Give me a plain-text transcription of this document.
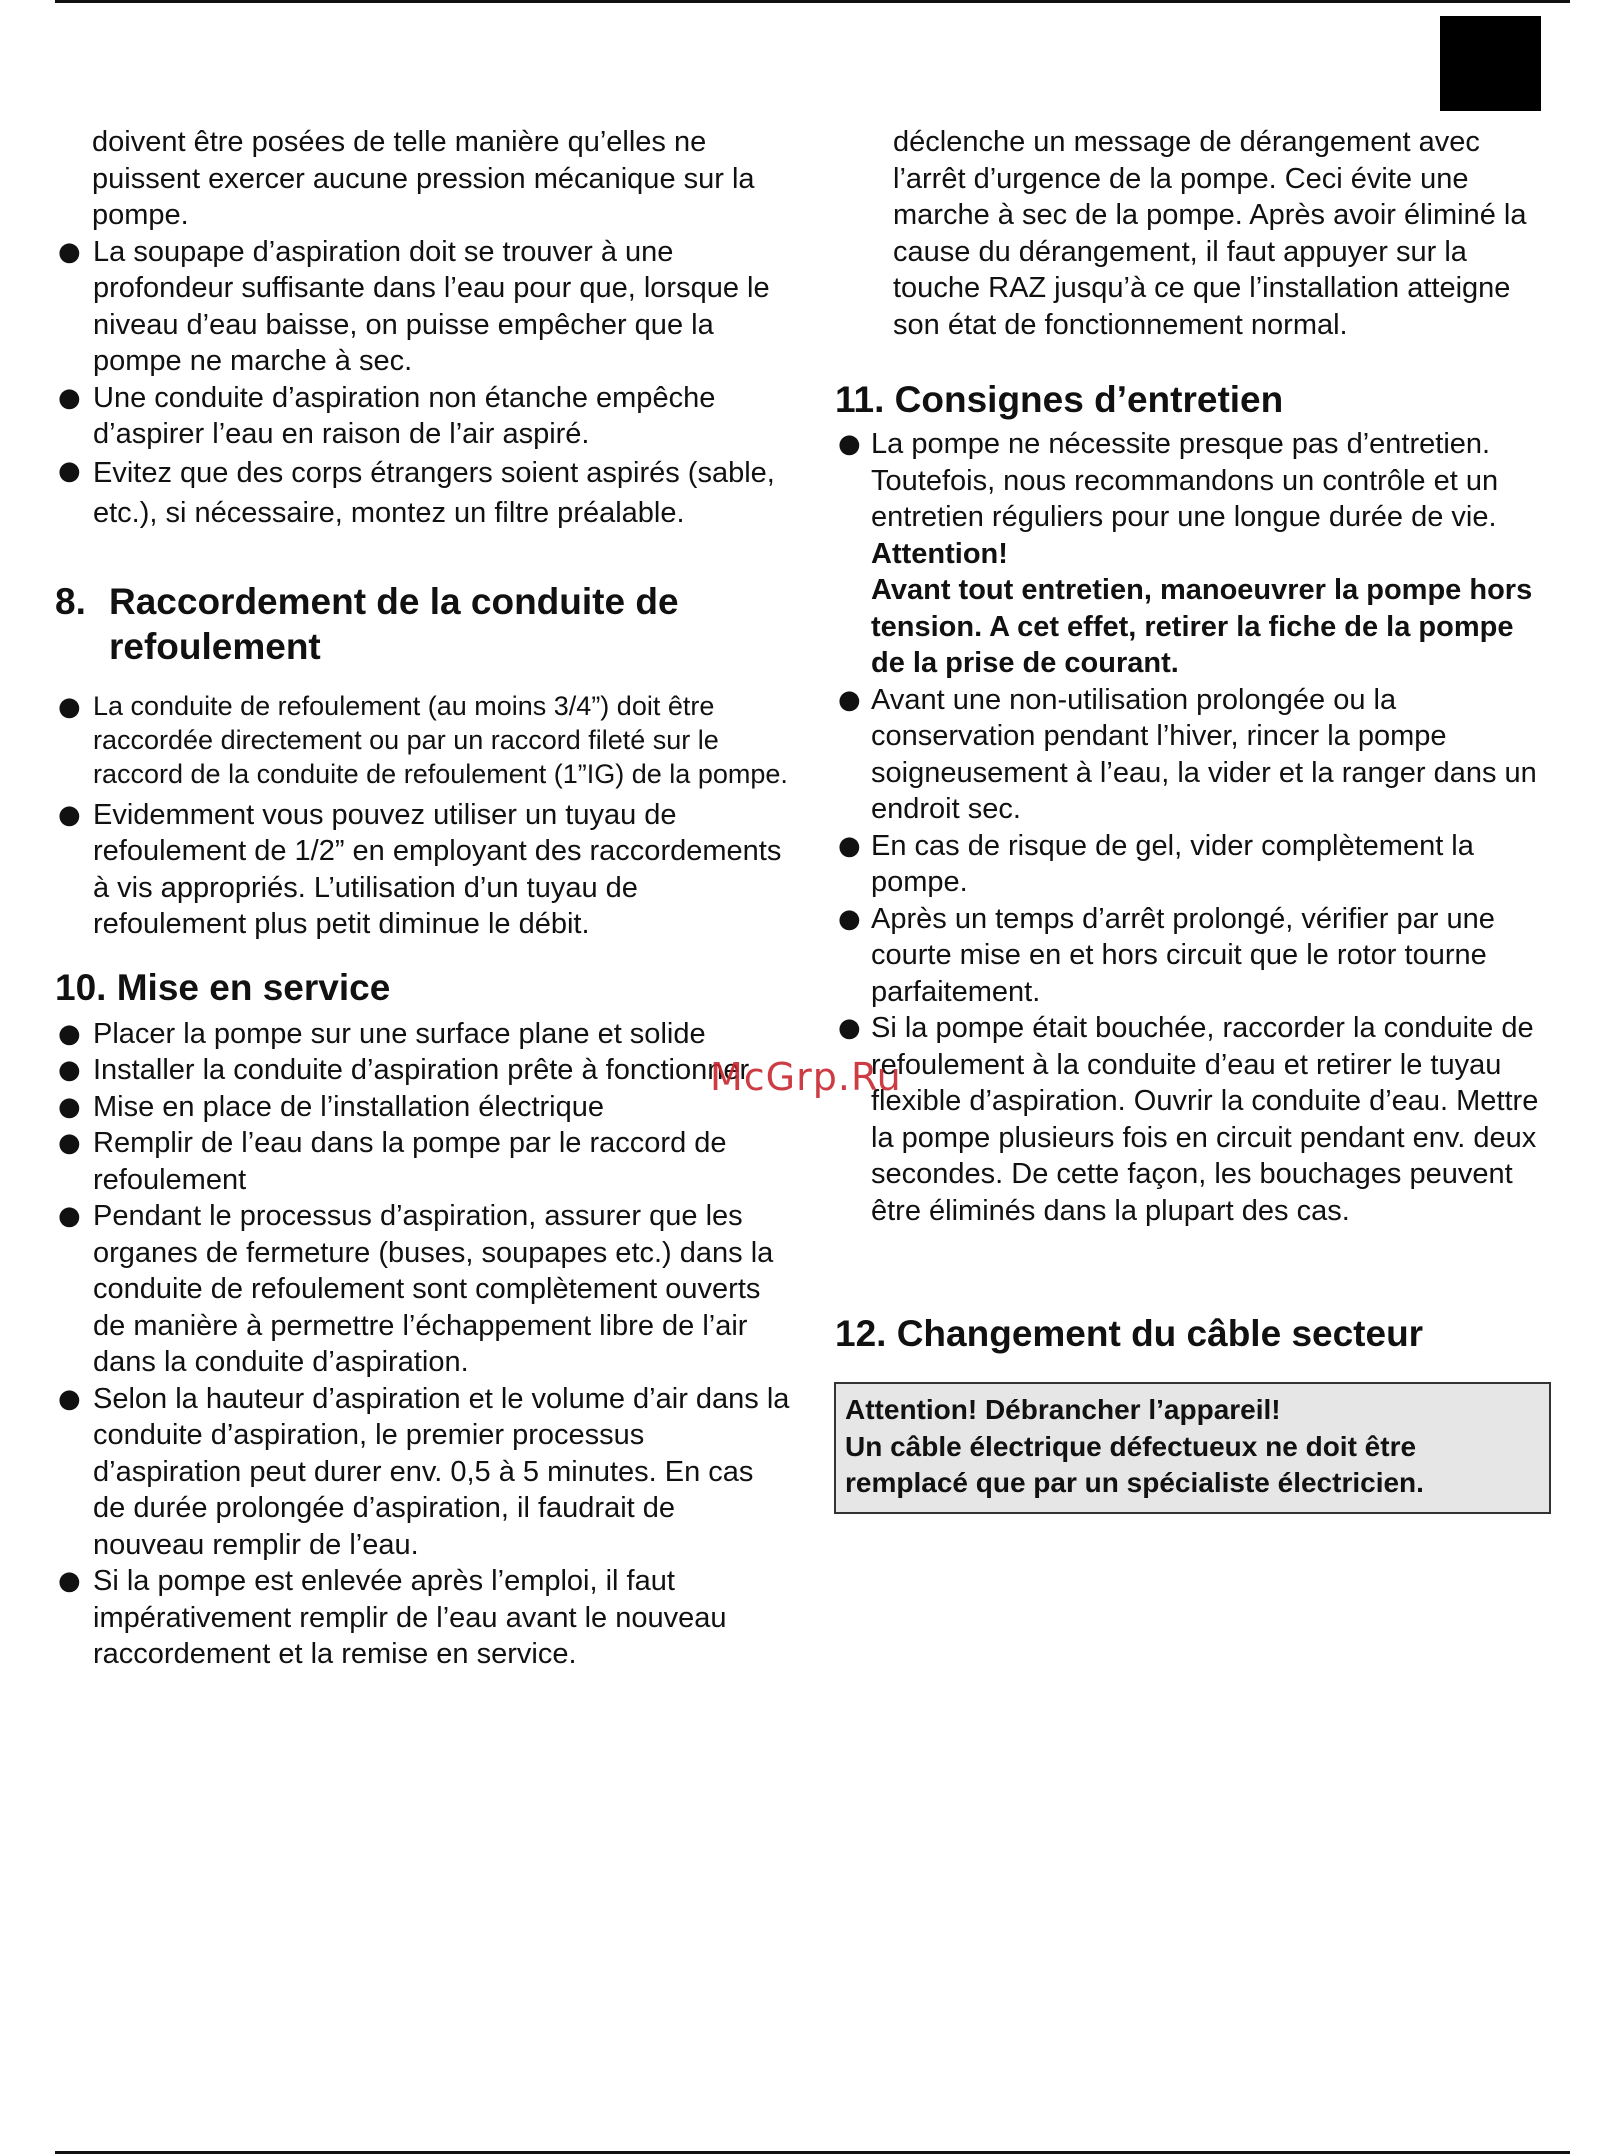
doivent être posées de telle manière qu’elles ne puissent exercer aucune pression mécanique sur la pompe.

● La soupape d’aspiration doit se trouver à une profondeur suffisante dans l’eau pour que, lorsque le niveau d’eau baisse, on puisse empêcher que la pompe ne marche à sec.
● Une conduite d’aspiration non étanche empêche d’aspirer l’eau en raison de l’air aspiré.
● Evitez que des corps étrangers soient aspirés (sable, etc.), si nécessaire, montez un filtre préalable.
8. Raccordement de la conduite de refoulement
● La conduite de refoulement (au moins 3/4”) doit être raccordée directement ou par un raccord fileté sur le raccord de la conduite de refoulement (1”IG) de la pompe.
● Evidemment vous pouvez utiliser un tuyau de refoulement de 1/2” en employant des raccordements à vis appropriés. L’utilisation d’un tuyau de refoulement plus petit diminue le débit.
10. Mise en service
● Placer la pompe sur une surface plane et solide
● Installer la conduite d’aspiration prête à fonctionner
● Mise en place de l’installation électrique
● Remplir de l’eau dans la pompe par le raccord de refoulement
● Pendant le processus d’aspiration, assurer que les organes de fermeture (buses, soupapes etc.) dans la conduite de refoulement sont complètement ouverts de manière à permettre l’échappement libre de l’air dans la conduite d’aspiration.
● Selon la hauteur d’aspiration et le volume d’air dans la conduite d’aspiration, le premier processus d’aspiration peut durer env. 0,5 à 5 minutes. En cas de durée prolongée d’aspiration, il faudrait de nouveau remplir de l’eau.
● Si la pompe est enlevée après l’emploi, il faut impérativement remplir de l’eau avant le nouveau raccordement et la remise en service.

déclenche un message de dérangement avec l’arrêt d’urgence de la pompe. Ceci évite une marche à sec de la pompe. Après avoir éliminé la cause du dérangement, il faut appuyer sur la touche RAZ jusqu’à ce que l’installation atteigne son état de fonctionnement normal.

11. Consignes d’entretien
● La pompe ne nécessite presque pas d’entretien. Toutefois, nous recommandons un contrôle et un entretien réguliers pour une longue durée de vie.
Attention!
Avant tout entretien, manoeuvrer la pompe hors tension. A cet effet, retirer la fiche de la pompe de la prise de courant.
● Avant une non-utilisation prolongée ou la conservation pendant l’hiver, rincer la pompe soigneusement à l’eau, la vider et la ranger dans un endroit sec.
● En cas de risque de gel, vider complètement la pompe.
● Après un temps d’arrêt prolongé, vérifier par une courte mise en et hors circuit que le rotor tourne parfaitement.
● Si la pompe était bouchée, raccorder la conduite de refoulement à la conduite d’eau et retirer le tuyau flexible d’aspiration. Ouvrir la conduite d’eau. Mettre la pompe plusieurs fois en circuit pendant env. deux secondes. De cette façon, les bouchages peuvent être éliminés dans la plupart des cas.
12. Changement du câble secteur
Attention! Débrancher l’appareil!
Un câble électrique défectueux ne doit être remplacé que par un spécialiste électricien.
McGrp.Ru
